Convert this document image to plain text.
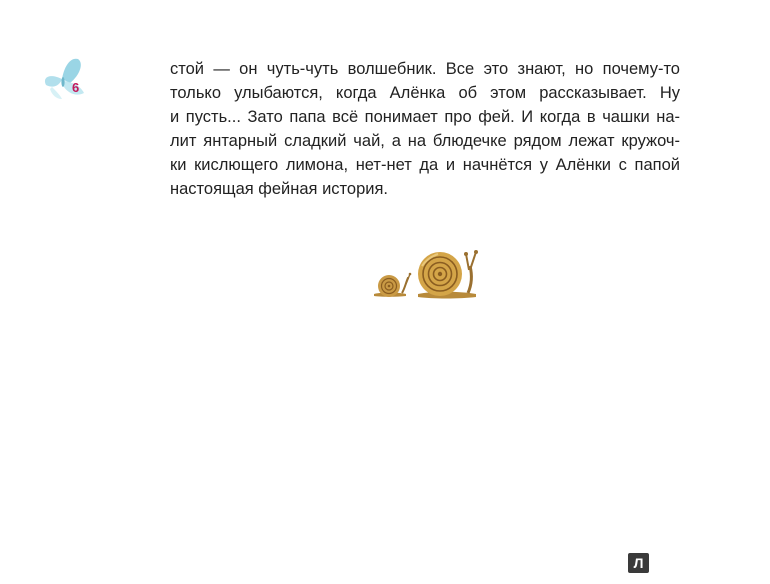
6
стой — он чуть-чуть волшебник. Все это знают, но почему-то
только улыбаются, когда Алёнка об этом рассказывает. Ну
и пусть... Зато папа всё понимает про фей. И когда в чашки на-
лит янтарный сладкий чай, а на блюдечке рядом лежат кружоч-
ки кислющего лимона, нет-нет да и начнётся у Алёнки с папой
настоящая фейная история.
Л
